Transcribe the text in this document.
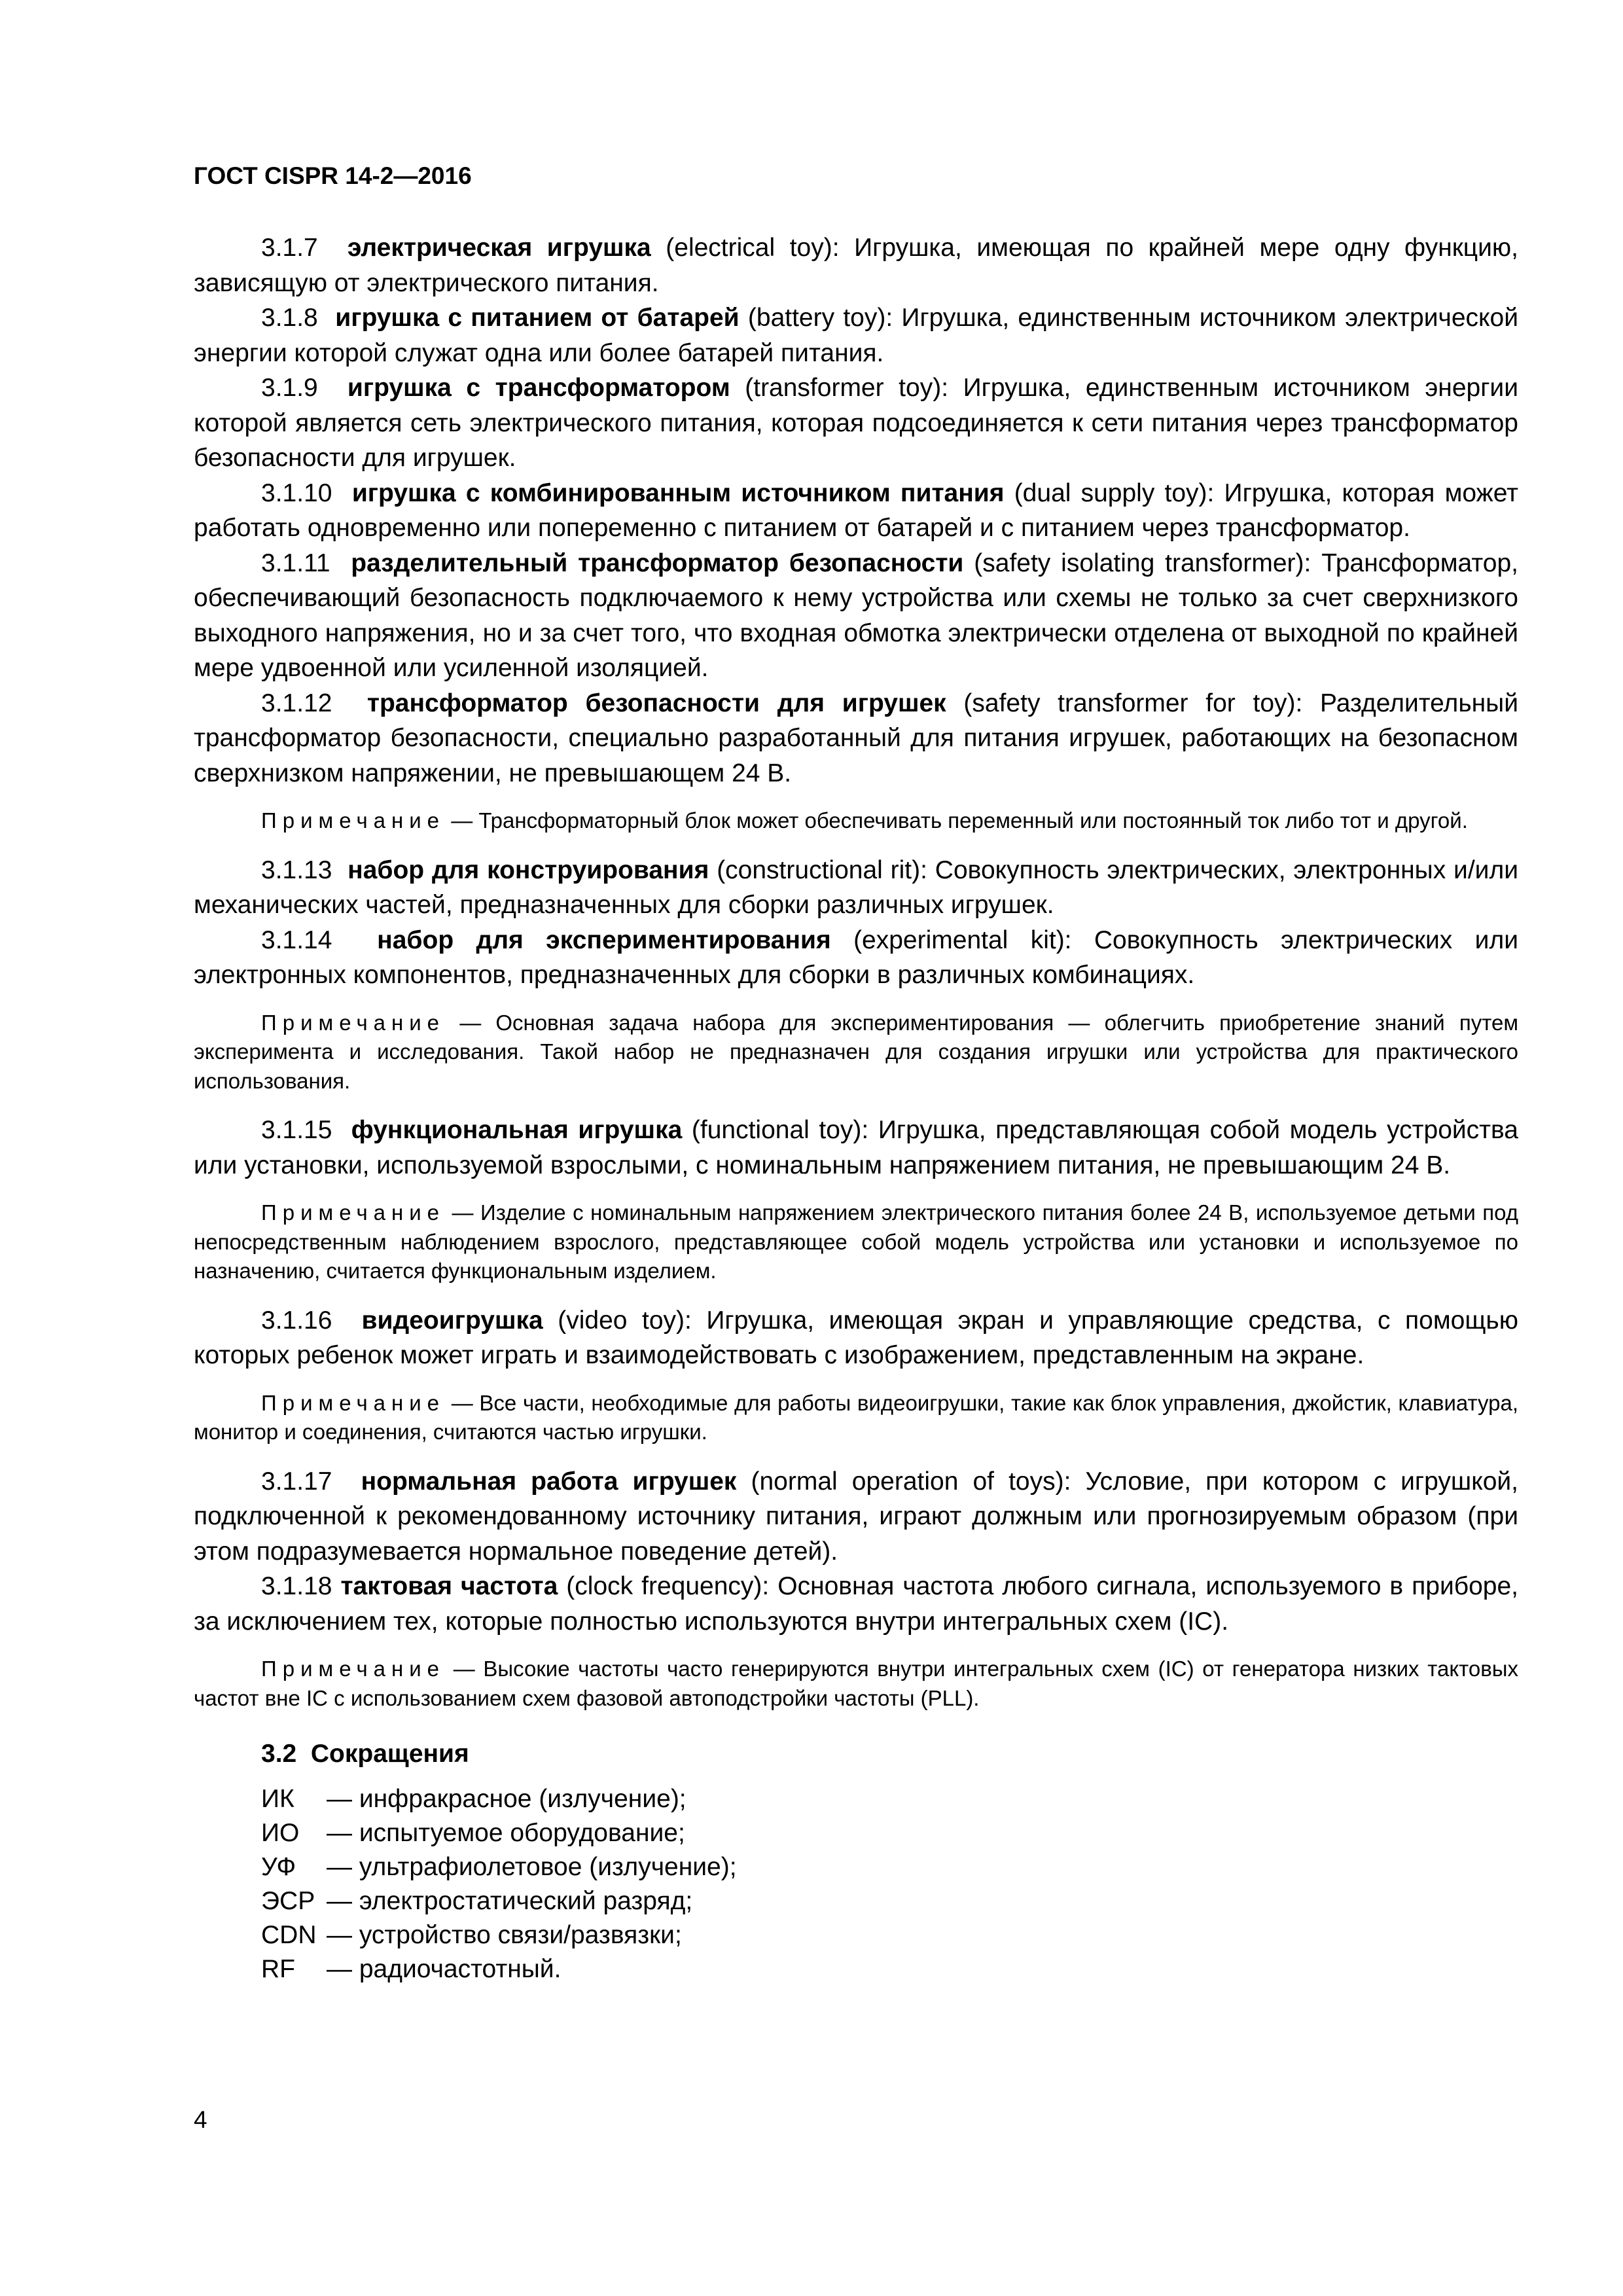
ГОСТ CISPR 14-2—2016

3.1.7 электрическая игрушка (electrical toy): Игрушка, имеющая по крайней мере одну функцию, зависящую от электрического питания.

3.1.8 игрушка с питанием от батарей (battery toy): Игрушка, единственным источником электрической энергии которой служат одна или более батарей питания.

3.1.9 игрушка с трансформатором (transformer toy): Игрушка, единственным источником энергии которой является сеть электрического питания, которая подсоединяется к сети питания через трансформатор безопасности для игрушек.

3.1.10 игрушка с комбинированным источником питания (dual supply toy): Игрушка, которая может работать одновременно или попеременно с питанием от батарей и с питанием через трансформатор.

3.1.11 разделительный трансформатор безопасности (safety isolating transformer): Трансформатор, обеспечивающий безопасность подключаемого к нему устройства или схемы не только за счет сверхнизкого выходного напряжения, но и за счет того, что входная обмотка электрически отделена от выходной по крайней мере удвоенной или усиленной изоляцией.

3.1.12 трансформатор безопасности для игрушек (safety transformer for toy): Разделительный трансформатор безопасности, специально разработанный для питания игрушек, работающих на безопасном сверхнизком напряжении, не превышающем 24 В.

Примечание — Трансформаторный блок может обеспечивать переменный или постоянный ток либо тот и другой.

3.1.13 набор для конструирования (constructional rit): Совокупность электрических, электронных и/или механических частей, предназначенных для сборки различных игрушек.

3.1.14 набор для экспериментирования (experimental kit): Совокупность электрических или электронных компонентов, предназначенных для сборки в различных комбинациях.

Примечание — Основная задача набора для экспериментирования — облегчить приобретение знаний путем эксперимента и исследования. Такой набор не предназначен для создания игрушки или устройства для практического использования.

3.1.15 функциональная игрушка (functional toy): Игрушка, представляющая собой модель устройства или установки, используемой взрослыми, с номинальным напряжением питания, не превышающим 24 В.

Примечание — Изделие с номинальным напряжением электрического питания более 24 В, используемое детьми под непосредственным наблюдением взрослого, представляющее собой модель устройства или установки и используемое по назначению, считается функциональным изделием.

3.1.16 видеоигрушка (video toy): Игрушка, имеющая экран и управляющие средства, с помощью которых ребенок может играть и взаимодействовать с изображением, представленным на экране.

Примечание — Все части, необходимые для работы видеоигрушки, такие как блок управления, джойстик, клавиатура, монитор и соединения, считаются частью игрушки.

3.1.17 нормальная работа игрушек (normal operation of toys): Условие, при котором с игрушкой, подключенной к рекомендованному источнику питания, играют должным или прогнозируемым образом (при этом подразумевается нормальное поведение детей).

3.1.18 тактовая частота (clock frequency): Основная частота любого сигнала, используемого в приборе, за исключением тех, которые полностью используются внутри интегральных схем (IC).

Примечание — Высокие частоты часто генерируются внутри интегральных схем (IC) от генератора низких тактовых частот вне IC с использованием схем фазовой автоподстройки частоты (PLL).
3.2 Сокращения
ИК	— инфракрасное (излучение);
ИО	— испытуемое оборудование;
УФ	— ультрафиолетовое (излучение);
ЭСР — электростатический разряд;
CDN — устройство связи/развязки;
RF	— радиочастотный.
4
